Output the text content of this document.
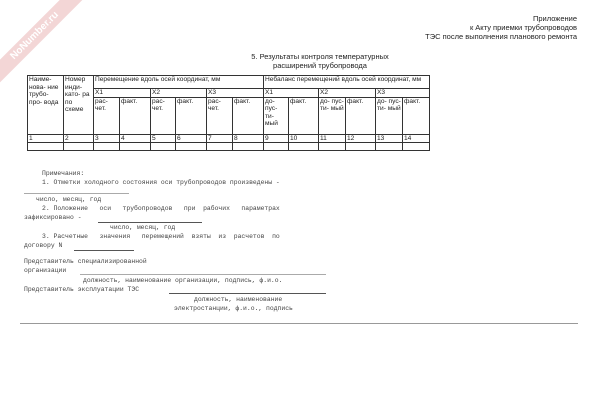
NoNumber.ru	Приложение
к Акту приемки трубопроводов
ТЭС после выполнения планового ремонта
5. Результаты контроля температурных
расширений трубопровода
Наиме- нова- ние трубо- про- вода	Номер инди- като- ра по схеме	Перемещение вдоль осей координат, мм						Небаланс перемещений вдоль осей координат, мм					
		X1		X2		X3		X1		X2		X3	
		рас- чет.	факт.	рас- чет.	факт.	рас- чет.	факт.	до- пус- ти- мый	факт.	до- пус- ти- мый	факт.	до- пус- ти- мый	факт.
1	2	3	4	5	6	7	8	9	10	11	12	13	14

Примечания:
1. Отметки холодного состояния оси трубопроводов произведены -
число, месяц, год
2. Положение   оси   трубопроводов   при  рабочих   параметрах
зафиксировано -
число, месяц, год
3. Расчетные   значения   перемещений  взяты  из  расчетов  по
договору N
Представитель специализированной
организации
должность, наименование организации, подпись, ф.и.о.
Представитель эксплуатации ТЭС
должность, наименование
электростанции, ф.и.о., подпись
